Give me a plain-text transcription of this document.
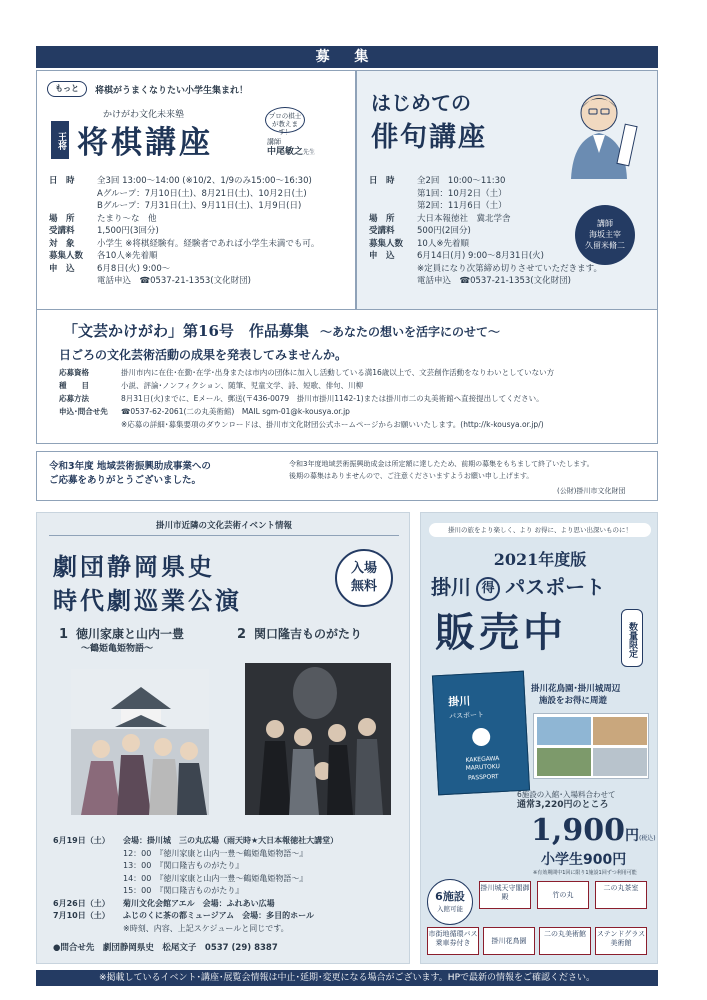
募 集
もっと	将棋がうまくなりたい小学生集まれ！
かけがわ文化未来塾
王将 将棋講座
プロの棋士が教えます！
講師
中尾敏之先生
日　時	全3回 13:00～14:00 (※10/2、1/9のみ15:00～16:30)
Aグループ：7月10日(土)、8月21日(土)、10月2日(土)
Bグループ：7月31日(土)、9月11日(土)、1月9日(日)
場　所	たまり～な　他
受講料	1,500円(3回分)
対　象	小学生 ※将棋経験有。経験者であれば小学生未満でも可。
募集人数 各10人※先着順
申　込	6月8日(火) 9:00～
電話申込　☎0537-21-1353(文化財団)
はじめての
俳句講座
講師
海坂主宰
久留米脩二
日　時	全2回　10:00～11:30
第1回：10月2日（土）
第2回：11月6日（土）
場　所	大日本報徳社　冀北学舎
受講料	500円(2回分)
募集人数 10人※先着順
申　込	6月14日(月) 9:00～8月31日(火)
※定員になり次第締め切りさせていただきます。
電話申込　☎0537-21-1353(文化財団)
「文芸かけがわ」第16号　作品募集 ～あなたの想いを活字にのせて～
日ごろの文化芸術活動の成果を発表してみませんか。
応募資格	掛川市内に在住･在勤･在学･出身または市内の団体に加入し活動している満16歳以上で、文芸創作活動をなりわいとしていない方
種　　目	小説、評論･ノンフィクション、随筆、児童文学、詩、短歌、俳句、川柳
応募方法	8月31日(火)までに、Eメール、郵送(〒436-0079　掛川市掛川1142-1)または掛川市二の丸美術館へ直接提出してください。
申込･問合せ先 ☎0537-62-2061(二の丸美術館)　MAIL sgm-01@k-kousya.or.jp
※応募の詳細･募集要項のダウンロードは、掛川市文化財団公式ホームページからお願いいたします。(http://k-kousya.or.jp/)
令和3年度 地域芸術振興助成事業への
ご応募をありがとうございました。
令和3年度地域芸術振興助成金は所定額に達したため、前期の募集をもちまして終了いたします。
後期の募集はありませんので、ご注意くださいますようお願い申し上げます。
(公財)掛川市文化財団
掛川市近隣の文化芸術イベント情報
劇団静岡県史
時代劇巡業公演
入場
無料
1 徳川家康と山内一豊
～鶴姫亀姫物語～
2 関口隆吉ものがたり
6月19日（土） 会場：掛川城　三の丸広場（雨天時★大日本報徳社大講堂）
12：00　『徳川家康と山内一豊～鶴姫亀姫物語～』
13：00　『関口隆吉ものがたり』
14：00　『徳川家康と山内一豊～鶴姫亀姫物語～』
15：00　『関口隆吉ものがたり』
6月26日（土） 菊川文化会館アエル　会場：ふれあい広場
7月10日（土） ふじのくに茶の都ミュージアム　会場：多目的ホール
※時刻、内容、上記スケジュールと同じです。
●問合せ先　劇団静岡県史　松尾文子　0537 (29) 8387
掛川の旅をより楽しく、より お得に、より思い出深いものに！
2021年度版
掛川 得 パスポート
販売中	数量限定
掛川
パスポート
KAKEGAWA
MARUTOKU
PASSPORT
掛川花鳥園･掛川城周辺
施設をお得に周遊
6施設の入館･入場料合わせて
通常3,220円のところ
1,900円(税込)
小学生900円
※有効期間中1回に限り1施設1回ずつ利用可能
6施設
入館可能
掛川城天守閣御殿	竹の丸
二の丸茶室
市街地循環バス乗車券付き	掛川花鳥園
二の丸美術館	ステンドグラス美術館
※掲載しているイベント･講座･展覧会情報は中止･延期･変更になる場合がございます。HPで最新の情報をご確認ください。
